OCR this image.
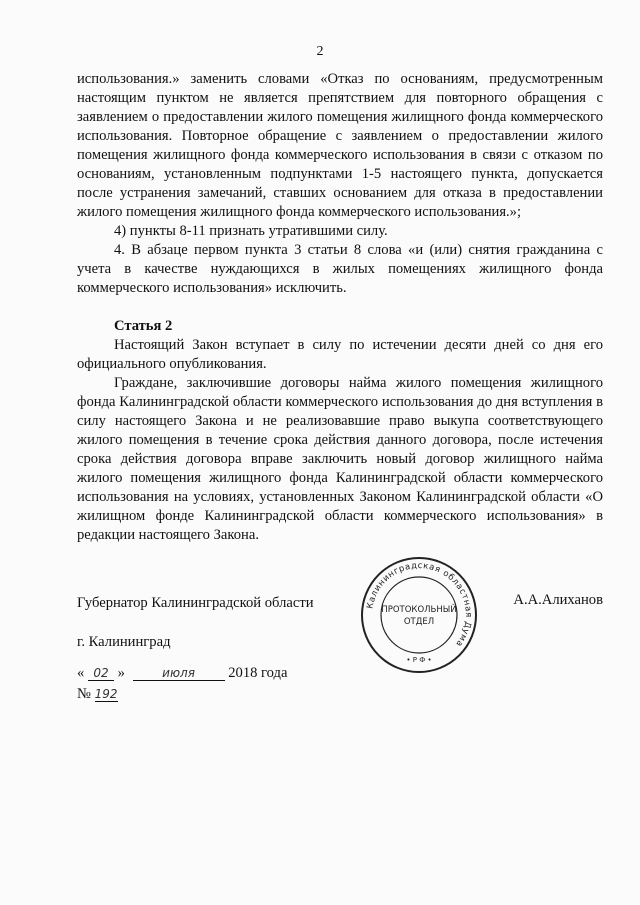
2

использования.» заменить словами «Отказ по основаниям, предусмотренным настоящим пунктом не является препятствием для повторного обращения с заявлением о предоставлении жилого помещения жилищного фонда коммерческого использования. Повторное обращение с заявлением о предоставлении жилого помещения жилищного фонда коммерческого использования в связи с отказом по основаниям, установленным подпунктами 1-5 настоящего пункта, допускается после устранения замечаний, ставших основанием для отказа в предоставлении жилого помещения жилищного фонда коммерческого использования.»;

4) пункты 8-11 признать утратившими силу.

4. В абзаце первом пункта 3 статьи 8 слова «и (или) снятия гражданина с учета в качестве нуждающихся в жилых помещениях жилищного фонда коммерческого использования» исключить.

Статья 2

Настоящий Закон вступает в силу по истечении десяти дней со дня его официального опубликования.

Граждане, заключившие договоры найма жилого помещения жилищного фонда Калининградской области коммерческого использования до дня вступления в силу настоящего Закона и не реализовавшие право выкупа соответствующего жилого помещения в течение срока действия данного договора, после истечения срока действия договора вправе заключить новый договор жилищного найма жилого помещения жилищного фонда Калининградской области коммерческого использования на условиях, установленных Законом Калининградской области «О жилищном фонде Калининградской области коммерческого использования» в редакции настоящего Закона.

Калининградская областная Дума
ПРОТОКОЛЬНЫЙ
ОТДЕЛ
• Р Ф •
Губернатор Калининградской области	А.А.Алиханов
г. Калининград
« 02 »	июля 2018 года
№ 192
